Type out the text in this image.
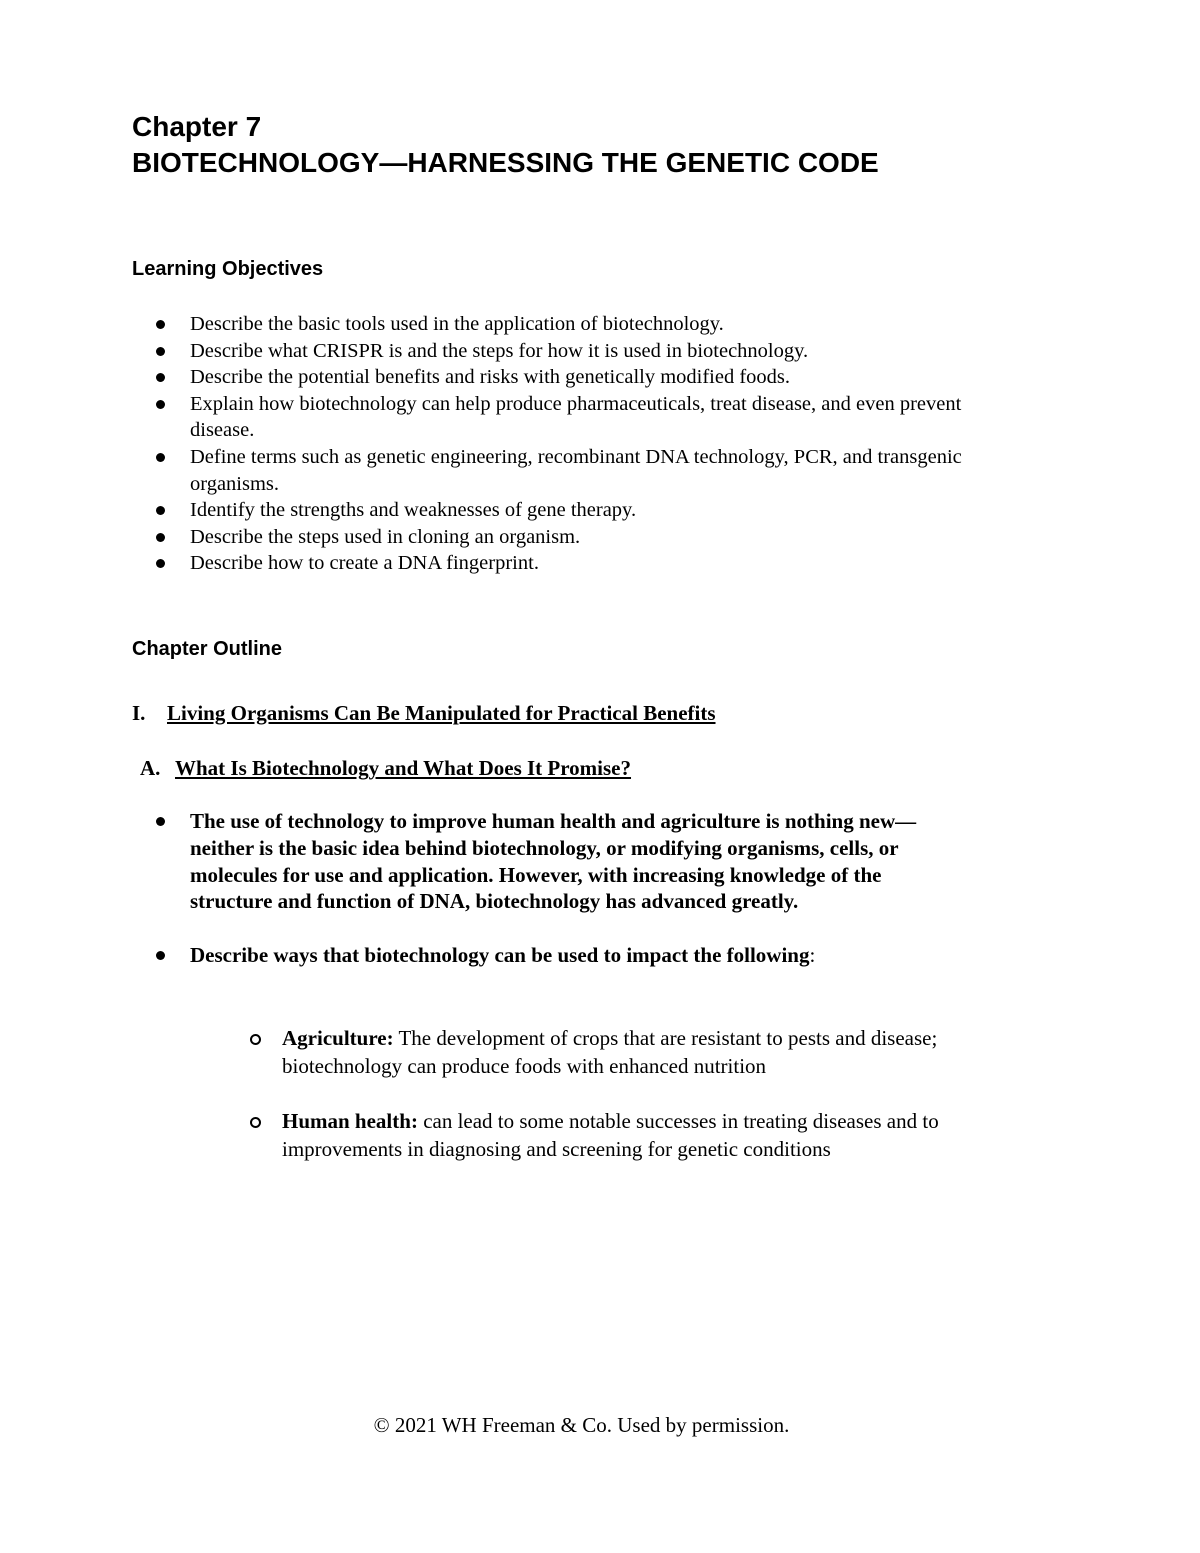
Chapter 7
BIOTECHNOLOGY—HARNESSING THE GENETIC CODE
Learning Objectives
Describe the basic tools used in the application of biotechnology.
Describe what CRISPR is and the steps for how it is used in biotechnology.
Describe the potential benefits and risks with genetically modified foods.
Explain how biotechnology can help produce pharmaceuticals, treat disease, and even prevent disease.
Define terms such as genetic engineering, recombinant DNA technology, PCR, and transgenic organisms.
Identify the strengths and weaknesses of gene therapy.
Describe the steps used in cloning an organism.
Describe how to create a DNA fingerprint.
Chapter Outline
I. Living Organisms Can Be Manipulated for Practical Benefits
A. What Is Biotechnology and What Does It Promise?
The use of technology to improve human health and agriculture is nothing new— neither is the basic idea behind biotechnology, or modifying organisms, cells, or molecules for use and application. However, with increasing knowledge of the structure and function of DNA, biotechnology has advanced greatly.
Describe ways that biotechnology can be used to impact the following:
Agriculture: The development of crops that are resistant to pests and disease; biotechnology can produce foods with enhanced nutrition
Human health: can lead to some notable successes in treating diseases and to improvements in diagnosing and screening for genetic conditions
© 2021 WH Freeman & Co. Used by permission.
